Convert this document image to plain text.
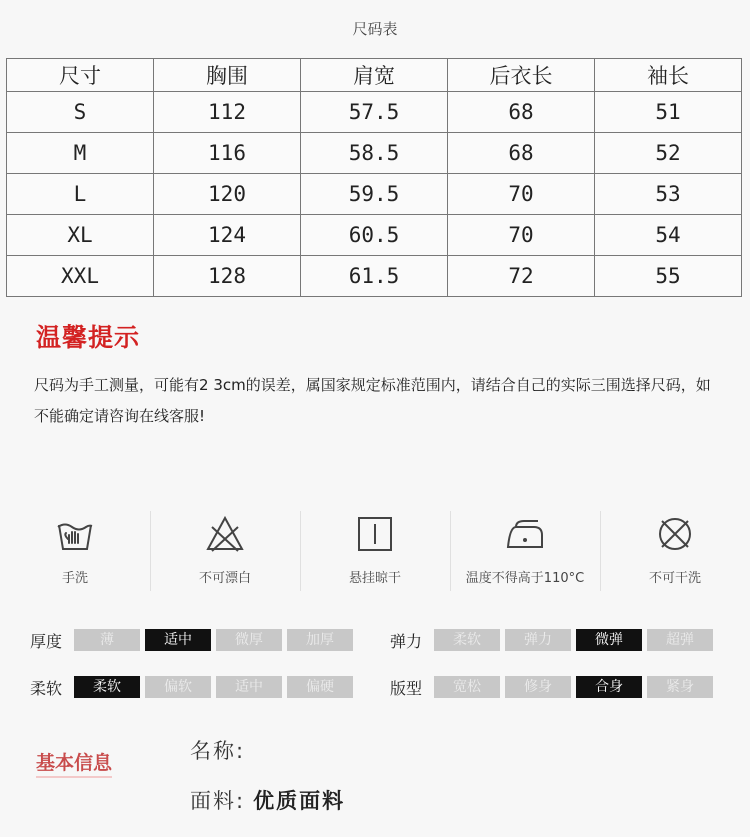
尺码表
尺寸	胸围	肩宽	后衣长	袖长
S	112	57.5	68	51
M	116	58.5	68	52
L	120	59.5	70	53
XL	124	60.5	70	54
XXL	128	61.5	72	55
温馨提示
尺码为手工测量，可能有2 3cm的误差，属国家规定标准范围内，请结合自己的实际三围选择尺码，如不能确定请咨询在线客服!
手洗	不可漂白	悬挂晾干	温度不得高于110°C	不可干洗
厚度	薄	适中	微厚	加厚	弹力	柔软	弹力	微弹	超弹
柔软	柔软	偏软	适中	偏硬	版型	宽松	修身	合身	紧身
基本信息	名称:
面料: 优质面料
